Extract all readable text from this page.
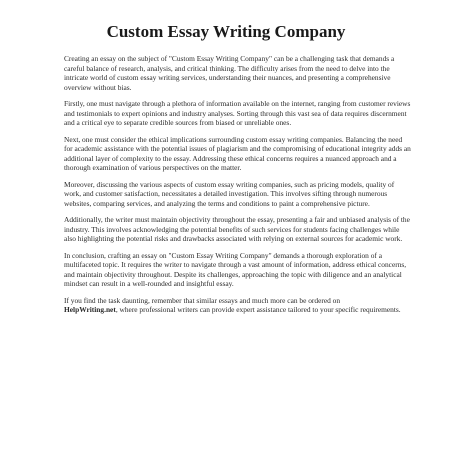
Custom Essay Writing Company

Creating an essay on the subject of "Custom Essay Writing Company" can be a challenging task that demands a careful balance of research, analysis, and critical thinking. The difficulty arises from the need to delve into the intricate world of custom essay writing services, understanding their nuances, and presenting a comprehensive overview without bias.

Firstly, one must navigate through a plethora of information available on the internet, ranging from customer reviews and testimonials to expert opinions and industry analyses. Sorting through this vast sea of data requires discernment and a critical eye to separate credible sources from biased or unreliable ones.

Next, one must consider the ethical implications surrounding custom essay writing companies. Balancing the need for academic assistance with the potential issues of plagiarism and the compromising of educational integrity adds an additional layer of complexity to the essay. Addressing these ethical concerns requires a nuanced approach and a thorough examination of various perspectives on the matter.

Moreover, discussing the various aspects of custom essay writing companies, such as pricing models, quality of work, and customer satisfaction, necessitates a detailed investigation. This involves sifting through numerous websites, comparing services, and analyzing the terms and conditions to paint a comprehensive picture.

Additionally, the writer must maintain objectivity throughout the essay, presenting a fair and unbiased analysis of the industry. This involves acknowledging the potential benefits of such services for students facing challenges while also highlighting the potential risks and drawbacks associated with relying on external sources for academic work.

In conclusion, crafting an essay on "Custom Essay Writing Company" demands a thorough exploration of a multifaceted topic. It requires the writer to navigate through a vast amount of information, address ethical concerns, and maintain objectivity throughout. Despite its challenges, approaching the topic with diligence and an analytical mindset can result in a well-rounded and insightful essay.

If you find the task daunting, remember that similar essays and much more can be ordered on
HelpWriting.net, where professional writers can provide expert assistance tailored to your specific requirements.
